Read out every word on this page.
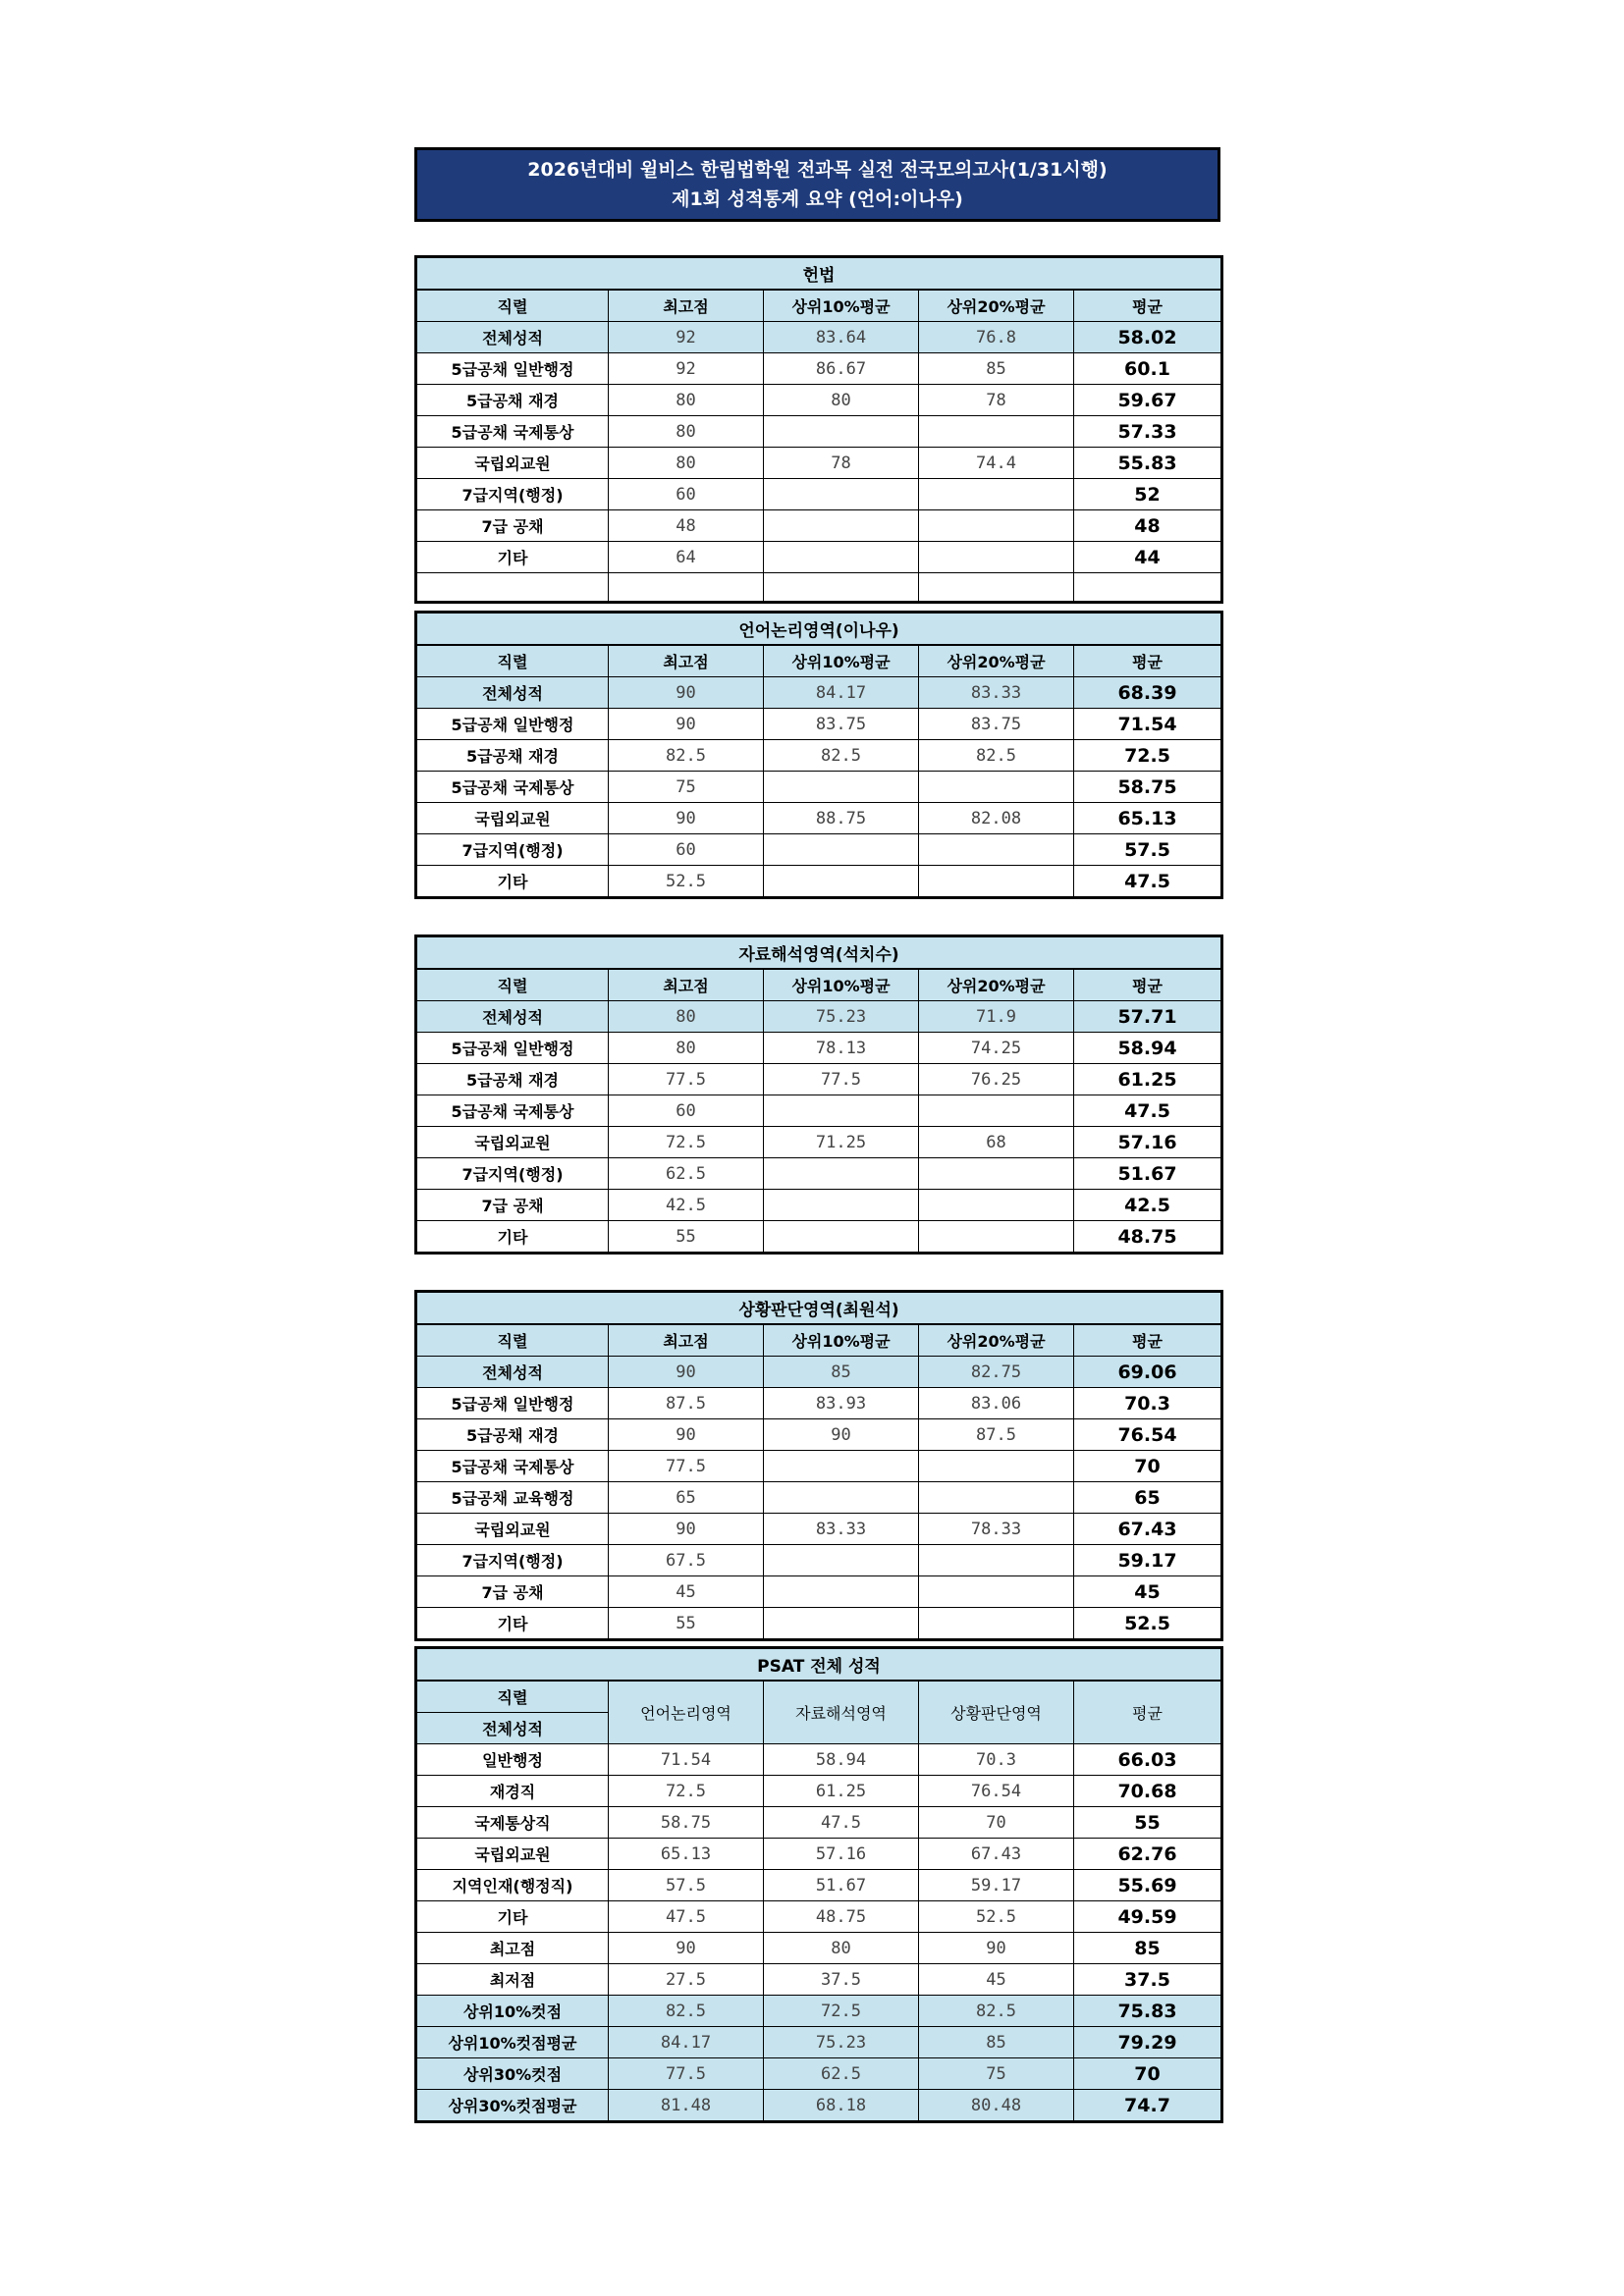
2026년대비 윌비스 한림법학원 전과목 실전 전국모의고사(1/31시행)
제1회 성적통계 요약 (언어:이나우)
헌법				
직렬	최고점	상위10%평균	상위20%평균	평균
전체성적	92	83.64	76.8	58.02
5급공채 일반행정	92	86.67	85	60.1
5급공채 재경	80	80	78	59.67
5급공채 국제통상	80			57.33
국립외교원	80	78	74.4	55.83
7급지역(행정)	60			52
7급 공채	48			48
기타	64			44

언어논리영역(이나우)				
직렬	최고점	상위10%평균	상위20%평균	평균
전체성적	90	84.17	83.33	68.39
5급공채 일반행정	90	83.75	83.75	71.54
5급공채 재경	82.5	82.5	82.5	72.5
5급공채 국제통상	75			58.75
국립외교원	90	88.75	82.08	65.13
7급지역(행정)	60			57.5
기타	52.5			47.5
자료해석영역(석치수)				
직렬	최고점	상위10%평균	상위20%평균	평균
전체성적	80	75.23	71.9	57.71
5급공채 일반행정	80	78.13	74.25	58.94
5급공채 재경	77.5	77.5	76.25	61.25
5급공채 국제통상	60			47.5
국립외교원	72.5	71.25	68	57.16
7급지역(행정)	62.5			51.67
7급 공채	42.5			42.5
기타	55			48.75
상황판단영역(최원석)				
직렬	최고점	상위10%평균	상위20%평균	평균
전체성적	90	85	82.75	69.06
5급공채 일반행정	87.5	83.93	83.06	70.3
5급공채 재경	90	90	87.5	76.54
5급공채 국제통상	77.5			70
5급공채 교육행정	65			65
국립외교원	90	83.33	78.33	67.43
7급지역(행정)	67.5			59.17
7급 공채	45			45
기타	55			52.5
PSAT 전체 성적				
직렬	언어논리영역	자료해석영역	상황판단영역	평균
전체성적				
일반행정	71.54	58.94	70.3	66.03
재경직	72.5	61.25	76.54	70.68
국제통상직	58.75	47.5	70	55
국립외교원	65.13	57.16	67.43	62.76
지역인재(행정직)	57.5	51.67	59.17	55.69
기타	47.5	48.75	52.5	49.59
최고점	90	80	90	85
최저점	27.5	37.5	45	37.5
상위10%컷점	82.5	72.5	82.5	75.83
상위10%컷점평균	84.17	75.23	85	79.29
상위30%컷점	77.5	62.5	75	70
상위30%컷점평균	81.48	68.18	80.48	74.7
